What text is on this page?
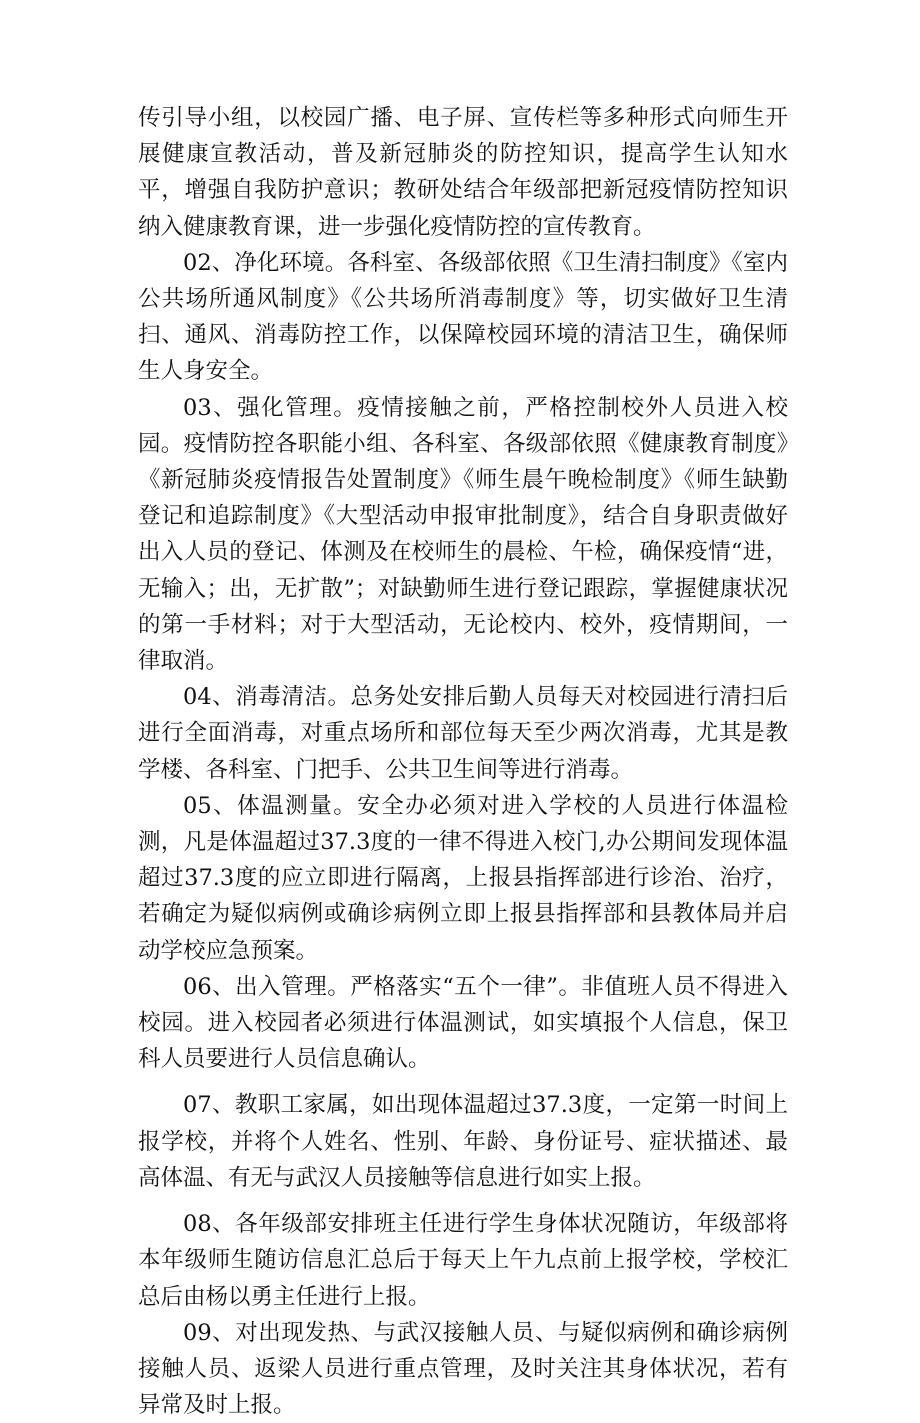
传引导小组，以校园广播、电子屏、宣传栏等多种形式向师生开展健康宣教活动，普及新冠肺炎的防控知识，提高学生认知水平，增强自我防护意识；教研处结合年级部把新冠疫情防控知识纳入健康教育课，进一步强化疫情防控的宣传教育。

02、净化环境。各科室、各级部依照《卫生清扫制度》《室内公共场所通风制度》《公共场所消毒制度》等，切实做好卫生清扫、通风、消毒防控工作，以保障校园环境的清洁卫生，确保师生人身安全。

03、强化管理。疫情接触之前，严格控制校外人员进入校园。疫情防控各职能小组、各科室、各级部依照《健康教育制度》《新冠肺炎疫情报告处置制度》《师生晨午晚检制度》《师生缺勤登记和追踪制度》《大型活动申报审批制度》，结合自身职责做好出入人员的登记、体测及在校师生的晨检、午检，确保疫情“进，无输入；出，无扩散”；对缺勤师生进行登记跟踪，掌握健康状况的第一手材料；对于大型活动，无论校内、校外，疫情期间，一律取消。

04、消毒清洁。总务处安排后勤人员每天对校园进行清扫后进行全面消毒，对重点场所和部位每天至少两次消毒，尤其是教学楼、各科室、门把手、公共卫生间等进行消毒。

05、体温测量。安全办必须对进入学校的人员进行体温检测，凡是体温超过37.3度的一律不得进入校门,办公期间发现体温超过37.3度的应立即进行隔离，上报县指挥部进行诊治、治疗，若确定为疑似病例或确诊病例立即上报县指挥部和县教体局并启动学校应急预案。

06、出入管理。严格落实“五个一律”。非值班人员不得进入校园。进入校园者必须进行体温测试，如实填报个人信息，保卫科人员要进行人员信息确认。

07、教职工家属，如出现体温超过37.3度，一定第一时间上报学校，并将个人姓名、性别、年龄、身份证号、症状描述、最高体温、有无与武汉人员接触等信息进行如实上报。

08、各年级部安排班主任进行学生身体状况随访，年级部将本年级师生随访信息汇总后于每天上午九点前上报学校，学校汇总后由杨以勇主任进行上报。

09、对出现发热、与武汉接触人员、与疑似病例和确诊病例接触人员、返梁人员进行重点管理，及时关注其身体状况，若有异常及时上报。
